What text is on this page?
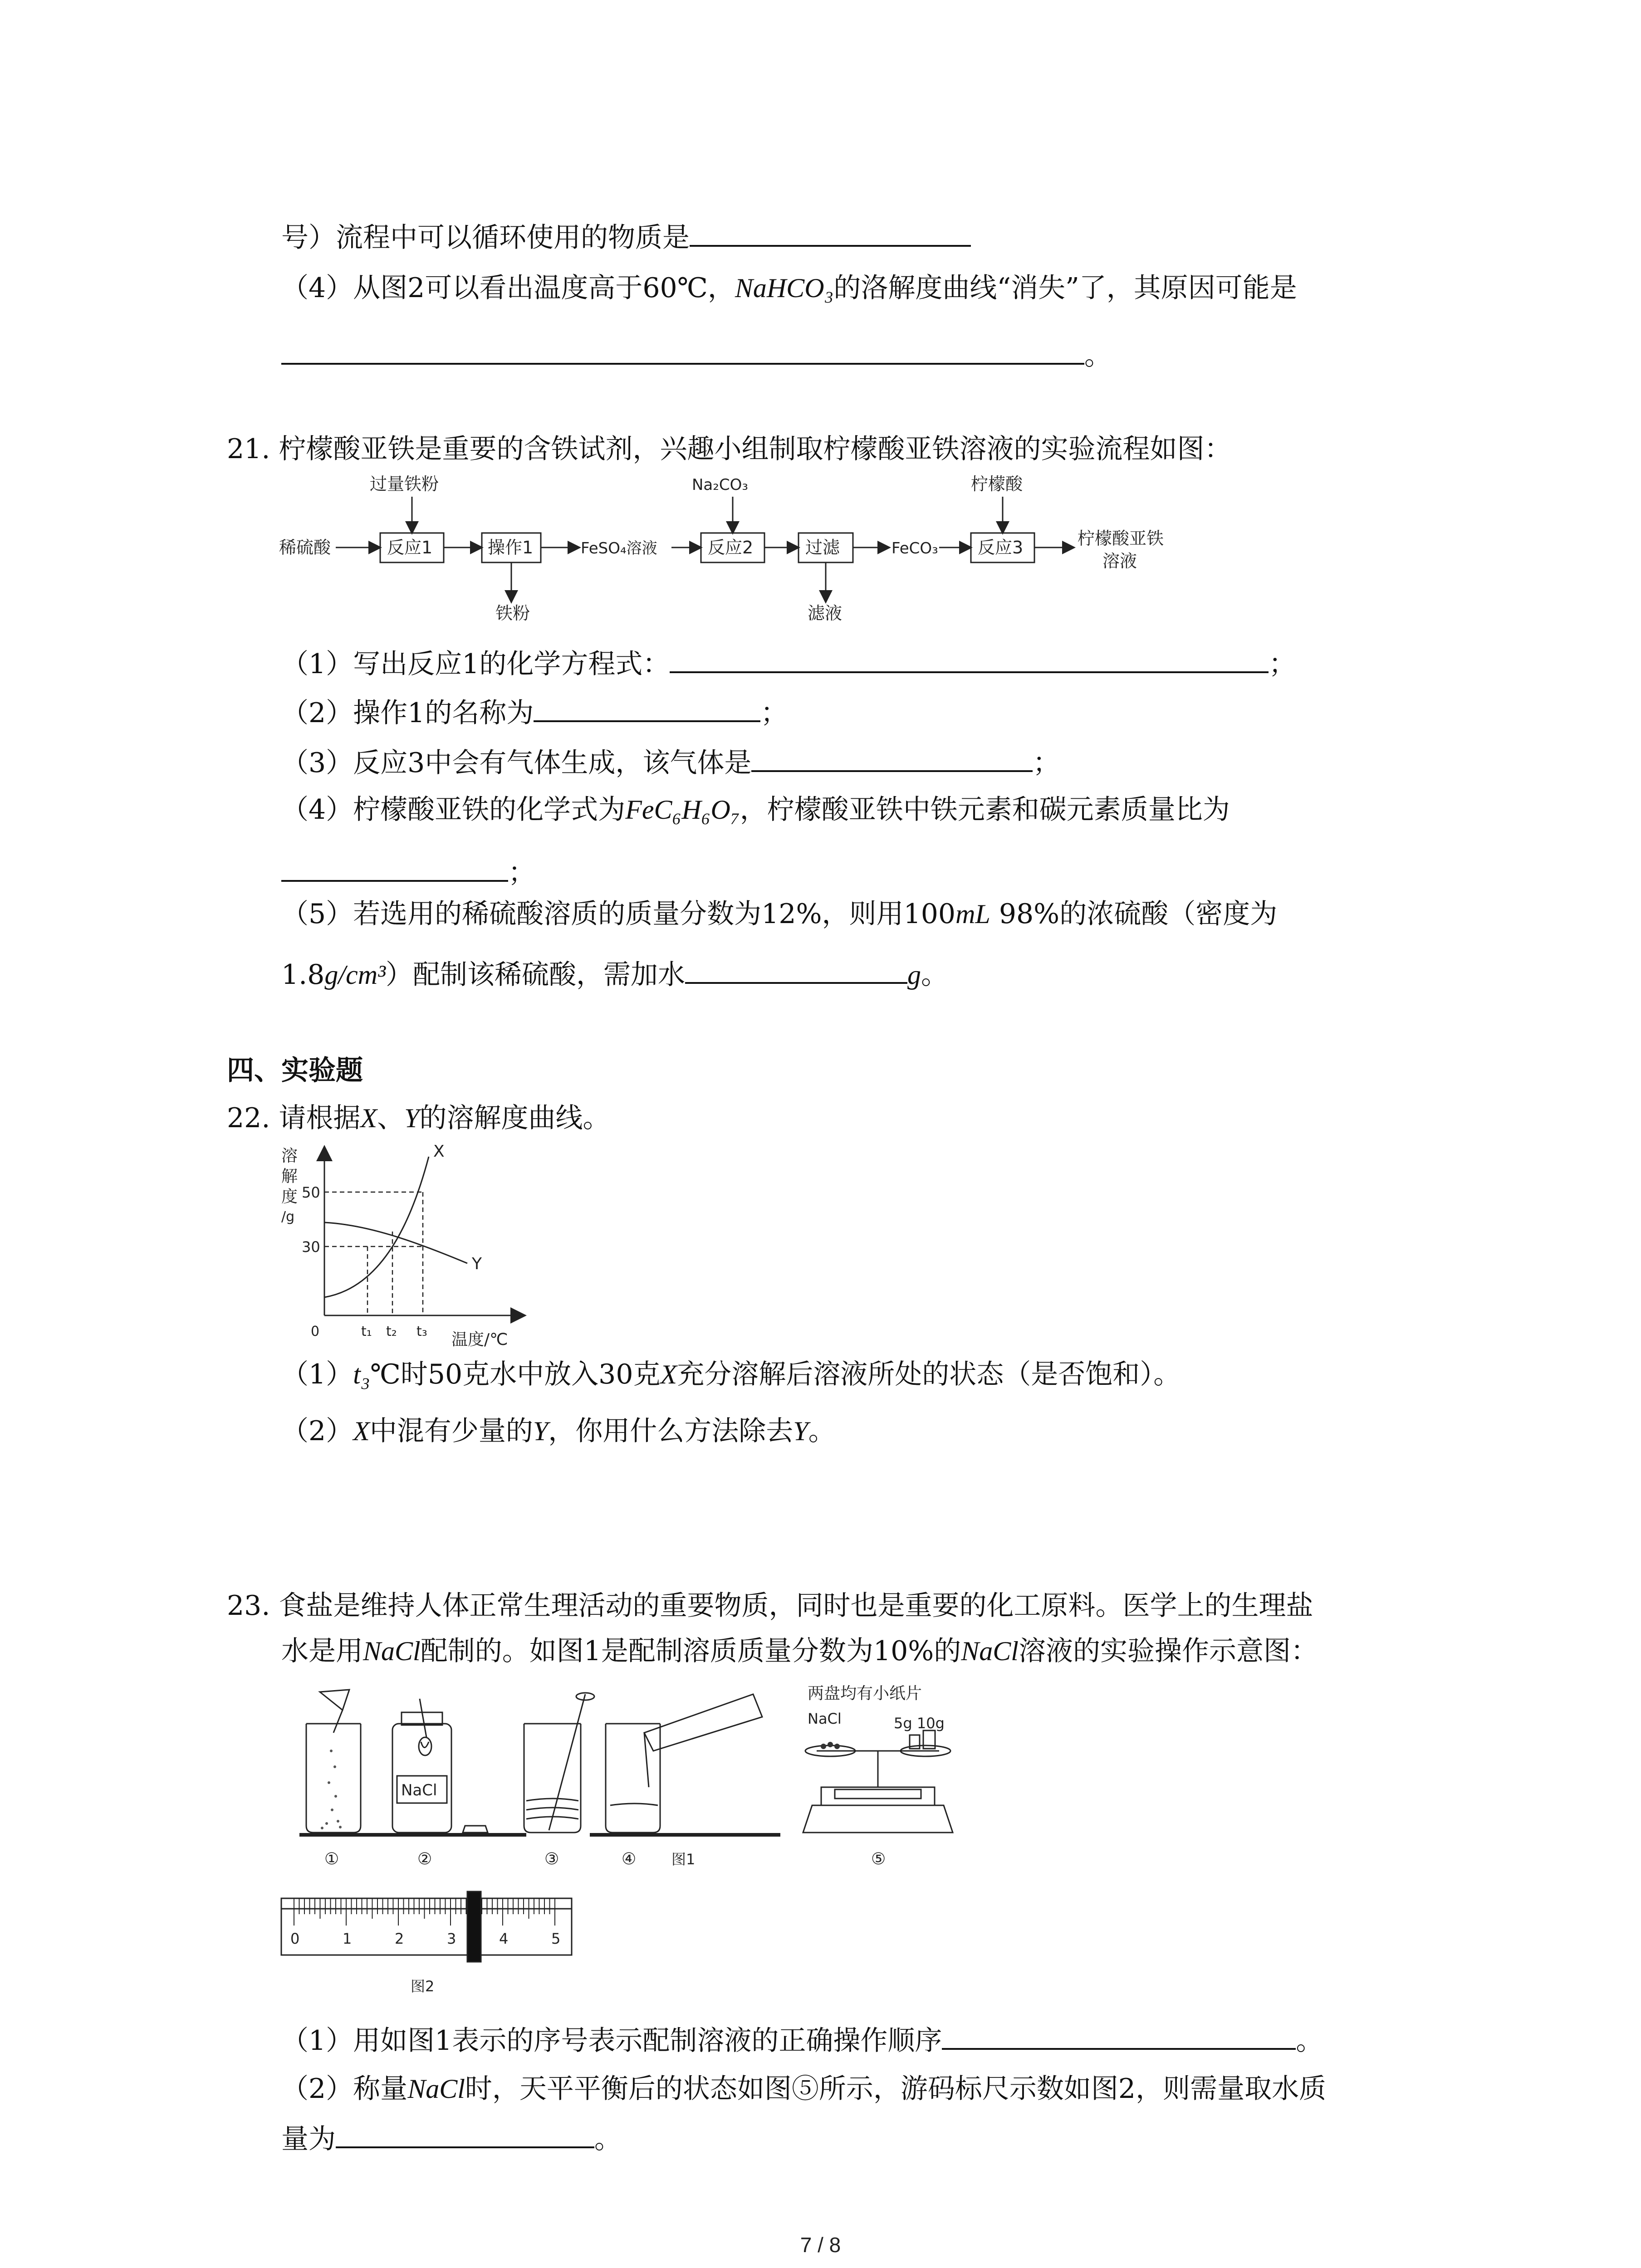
号）流程中可以循环使用的物质是
（4）从图2可以看出温度高于60℃，NaHCO₃的洛解度曲线“消失”了，其原因可能是
。
21. 柠檬酸亚铁是重要的含铁试剂，兴趣小组制取柠檬酸亚铁溶液的实验流程如图：
稀硫酸
过量铁粉
反应1	操作1
铁粉
FeSO₄溶液
Na₂CO₃
反应2	过滤
滤液
FeCO₃
柠檬酸
反应3	柠檬酸亚铁
溶液
（1）写出反应1的化学方程式：	；
（2）操作1的名称为	；
（3）反应3中会有气体生成，该气体是	；
（4）柠檬酸亚铁的化学式为FeC₆H₆O₇，柠檬酸亚铁中铁元素和碳元素质量比为
；
（5）若选用的稀硫酸溶质的质量分数为12%，则用100mL 98%的浓硫酸（密度为
1.8g/cm³）配制该稀硫酸，需加水	g。
四、实验题
22. 请根据X、Y的溶解度曲线。
溶
解
度
/g
50
30
0	t₁ t₂ t₃ 温度/℃
X
Y
（1）t₃℃时50克水中放入30克X充分溶解后溶液所处的状态（是否饱和）。
（2）X中混有少量的Y，你用什么方法除去Y。
23. 食盐是维持人体正常生理活动的重要物质，同时也是重要的化工原料。医学上的生理盐
水是用NaCl配制的。如图1是配制溶质质量分数为10%的NaCl溶液的实验操作示意图：
NaCl
两盘均有小纸片
NaCl	5g 10g
①	②	③	④ 图1	⑤
0	1	2	3	4	5
图2
（1）用如图1表示的序号表示配制溶液的正确操作顺序	。
（2）称量NaCl时，天平平衡后的状态如图⑤所示，游码标尺示数如图2，则需量取水质
量为	。
7 / 8
